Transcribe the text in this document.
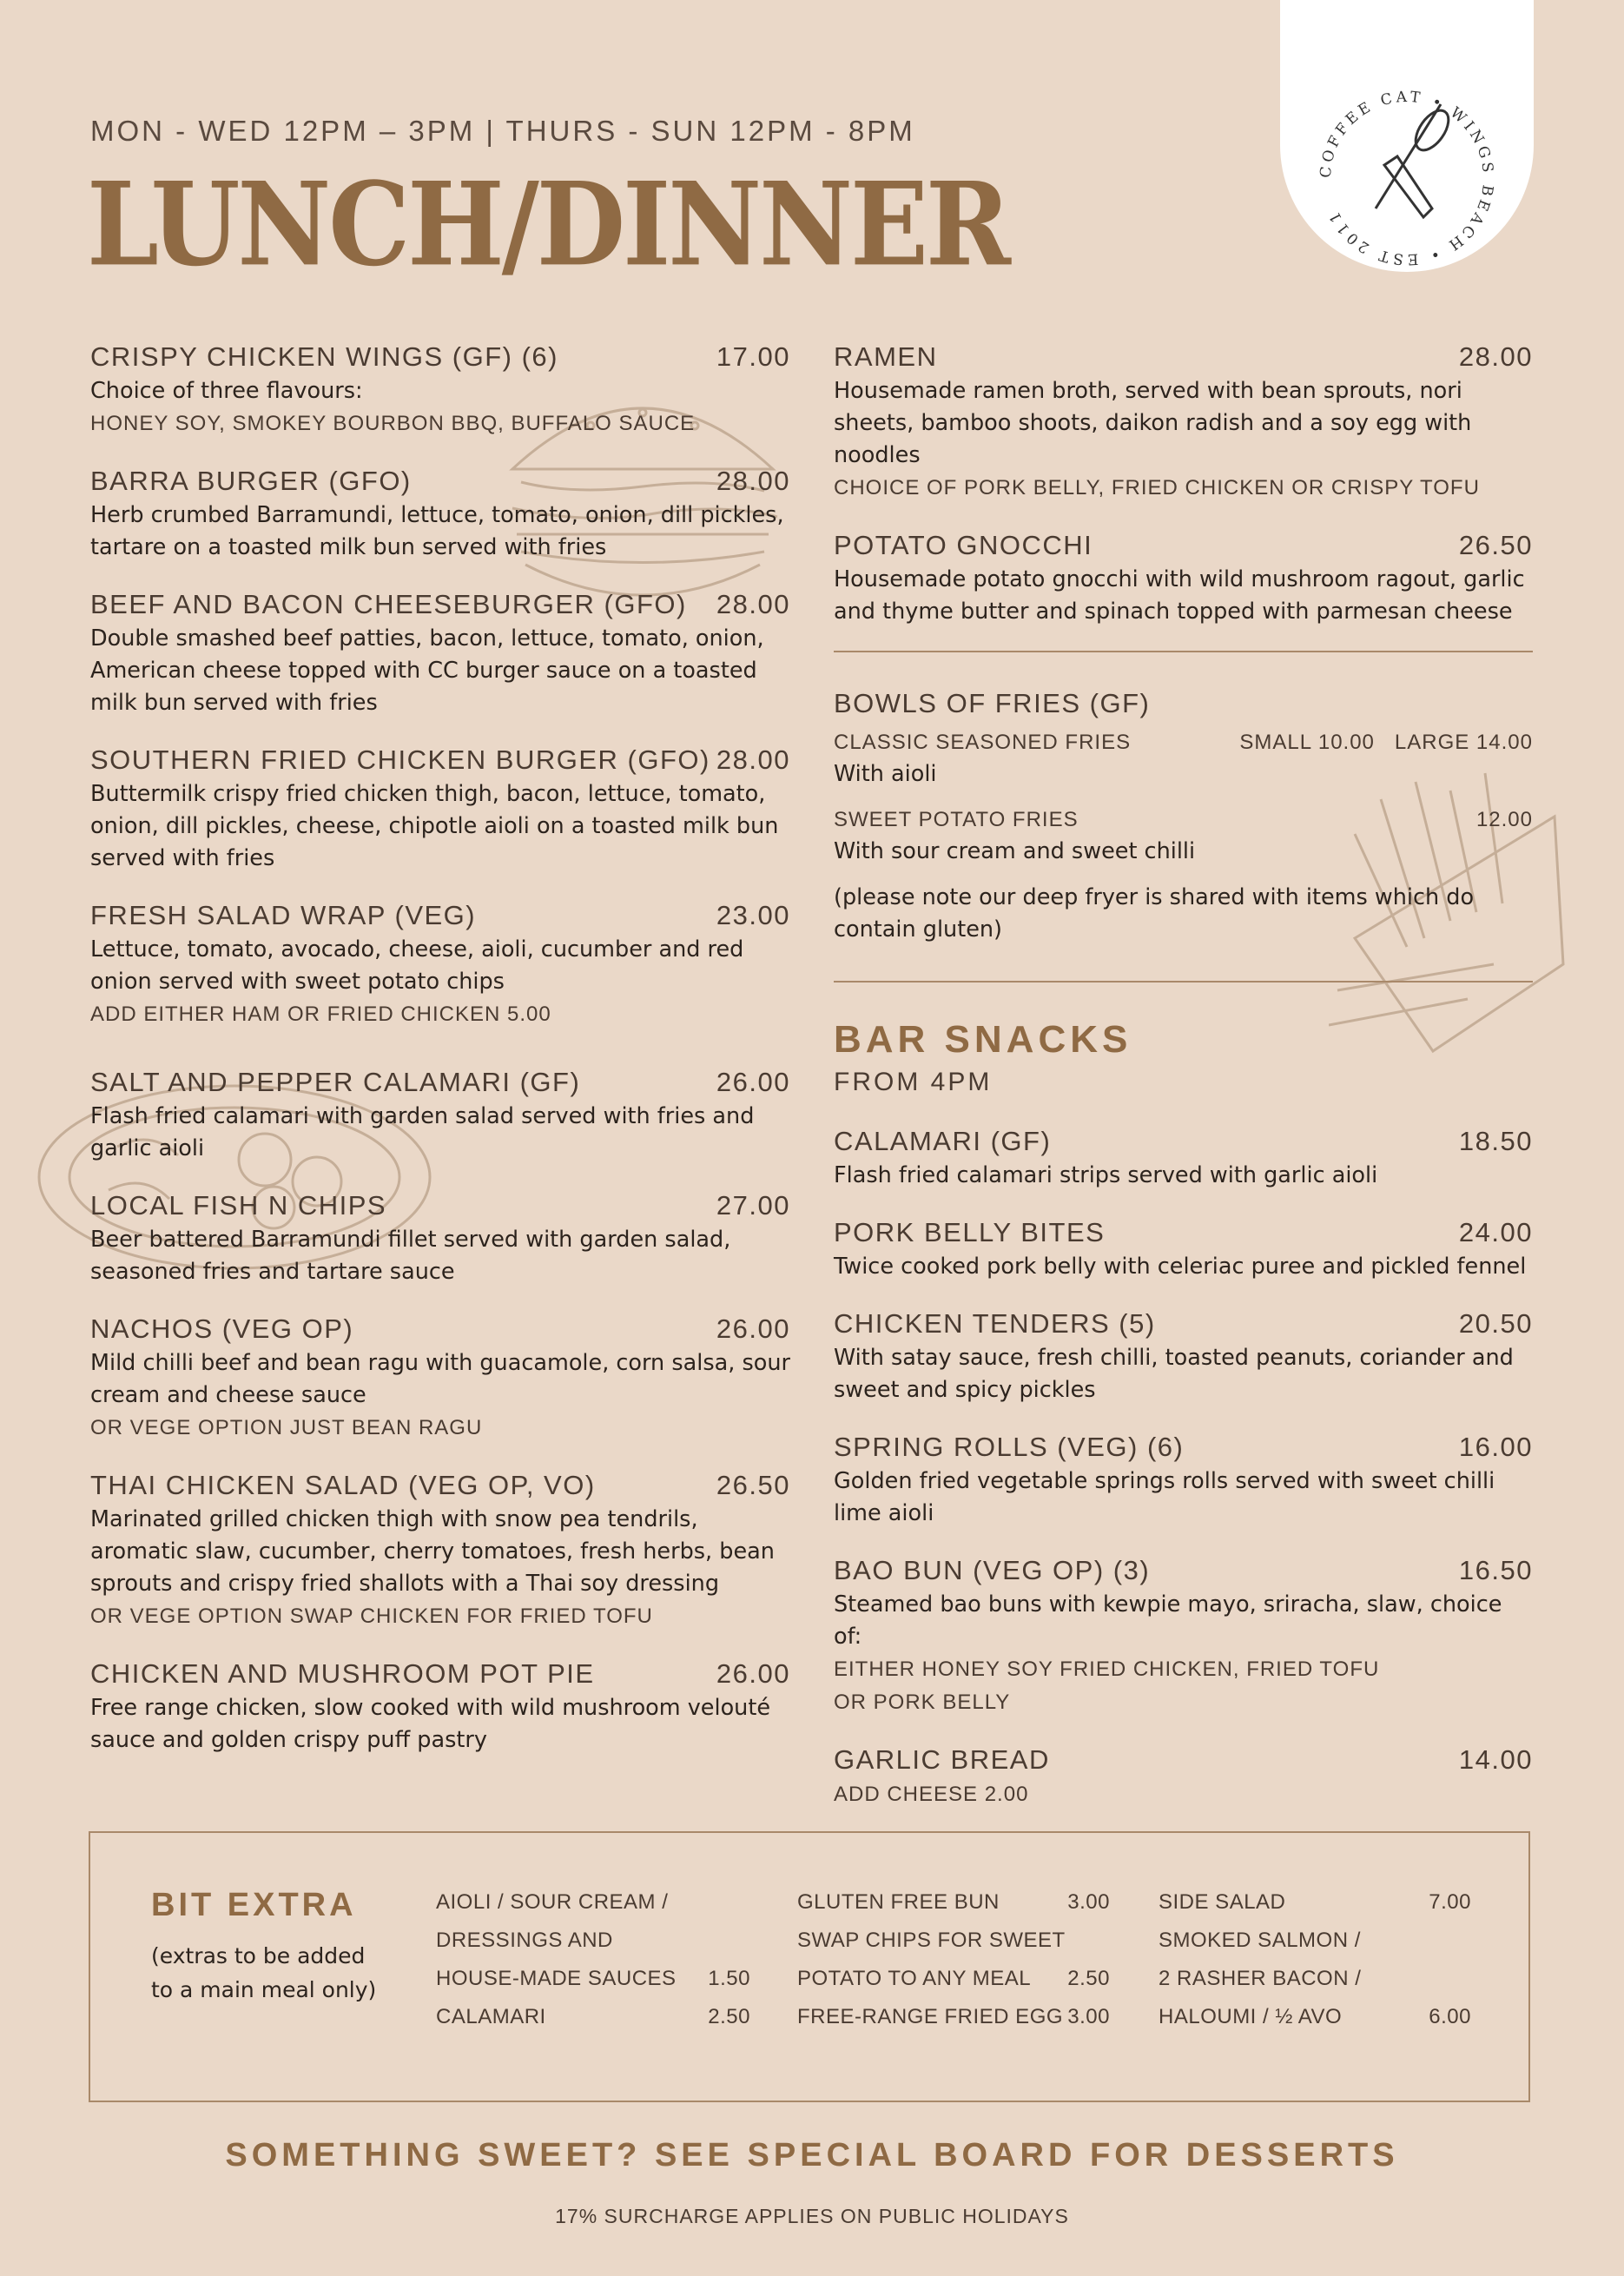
MON - WED 12PM – 3PM | THURS - SUN 12PM - 8PM
LUNCH/DINNER	COFFEE CAT • WINGS BEACH • EST 2011
CRISPY CHICKEN WINGS (GF) (6)	17.00
Choice of three flavours:
HONEY SOY, SMOKEY BOURBON BBQ, BUFFALO SAUCE
BARRA BURGER (GFO)	28.00
Herb crumbed Barramundi, lettuce, tomato, onion, dill pickles, tartare on a toasted milk bun served with fries
BEEF AND BACON CHEESEBURGER (GFO) 28.00
Double smashed beef patties, bacon, lettuce, tomato, onion, American cheese topped with CC burger sauce on a toasted milk bun served with fries
SOUTHERN FRIED CHICKEN BURGER (GFO) 28.00
Buttermilk crispy fried chicken thigh, bacon, lettuce, tomato, onion, dill pickles, cheese, chipotle aioli on a toasted milk bun served with fries
FRESH SALAD WRAP (VEG)	23.00
Lettuce, tomato, avocado, cheese, aioli, cucumber and red onion served with sweet potato chips
ADD EITHER HAM OR FRIED CHICKEN 5.00
SALT AND PEPPER CALAMARI (GF)	26.00
Flash fried calamari with garden salad served with fries and garlic aioli
LOCAL FISH N CHIPS	27.00
Beer battered Barramundi fillet served with garden salad, seasoned fries and tartare sauce
NACHOS (VEG OP)	26.00
Mild chilli beef and bean ragu with guacamole, corn salsa, sour cream and cheese sauce
OR VEGE OPTION JUST BEAN RAGU
THAI CHICKEN SALAD (VEG OP, VO)	26.50
Marinated grilled chicken thigh with snow pea tendrils, aromatic slaw, cucumber, cherry tomatoes, fresh herbs, bean sprouts and crispy fried shallots with a Thai soy dressing
OR VEGE OPTION SWAP CHICKEN FOR FRIED TOFU
CHICKEN AND MUSHROOM POT PIE	26.00
Free range chicken, slow cooked with wild mushroom velouté sauce and golden crispy puff pastry
RAMEN	28.00
Housemade ramen broth, served with bean sprouts, nori sheets, bamboo shoots, daikon radish and a soy egg with noodles
CHOICE OF PORK BELLY, FRIED CHICKEN OR CRISPY TOFU
POTATO GNOCCHI	26.50
Housemade potato gnocchi with wild mushroom ragout, garlic and thyme butter and spinach topped with parmesan cheese
BOWLS OF FRIES (GF)
CLASSIC SEASONED FRIES	SMALL 10.00   LARGE 14.00
With aioli
SWEET POTATO FRIES	12.00
With sour cream and sweet chilli
(please note our deep fryer is shared with items which do contain gluten)
BAR SNACKS
FROM 4PM
CALAMARI (GF)	18.50
Flash fried calamari strips served with garlic aioli
PORK BELLY BITES	24.00
Twice cooked pork belly with celeriac puree and pickled fennel
CHICKEN TENDERS (5)	20.50
With satay sauce, fresh chilli, toasted peanuts, coriander and sweet and spicy pickles
SPRING ROLLS (VEG) (6)	16.00
Golden fried vegetable springs rolls served with sweet chilli lime aioli
BAO BUN (VEG OP) (3)	16.50
Steamed bao buns with kewpie mayo, sriracha, slaw, choice of:
EITHER HONEY SOY FRIED CHICKEN, FRIED TOFU OR PORK BELLY
GARLIC BREAD	14.00
ADD CHEESE 2.00
BIT EXTRA
(extras to be added to a main meal only)
AIOLI / SOUR CREAM /
DRESSINGS AND
HOUSE-MADE SAUCES 1.50
CALAMARI	2.50
GLUTEN FREE BUN	3.00
SWAP CHIPS FOR SWEET
POTATO TO ANY MEAL 2.50
FREE-RANGE FRIED EGG 3.00
SIDE SALAD	7.00
SMOKED SALMON /
2 RASHER BACON /
HALOUMI / ½ AVO	6.00
SOMETHING SWEET? SEE SPECIAL BOARD FOR DESSERTS
17% SURCHARGE APPLIES ON PUBLIC HOLIDAYS
